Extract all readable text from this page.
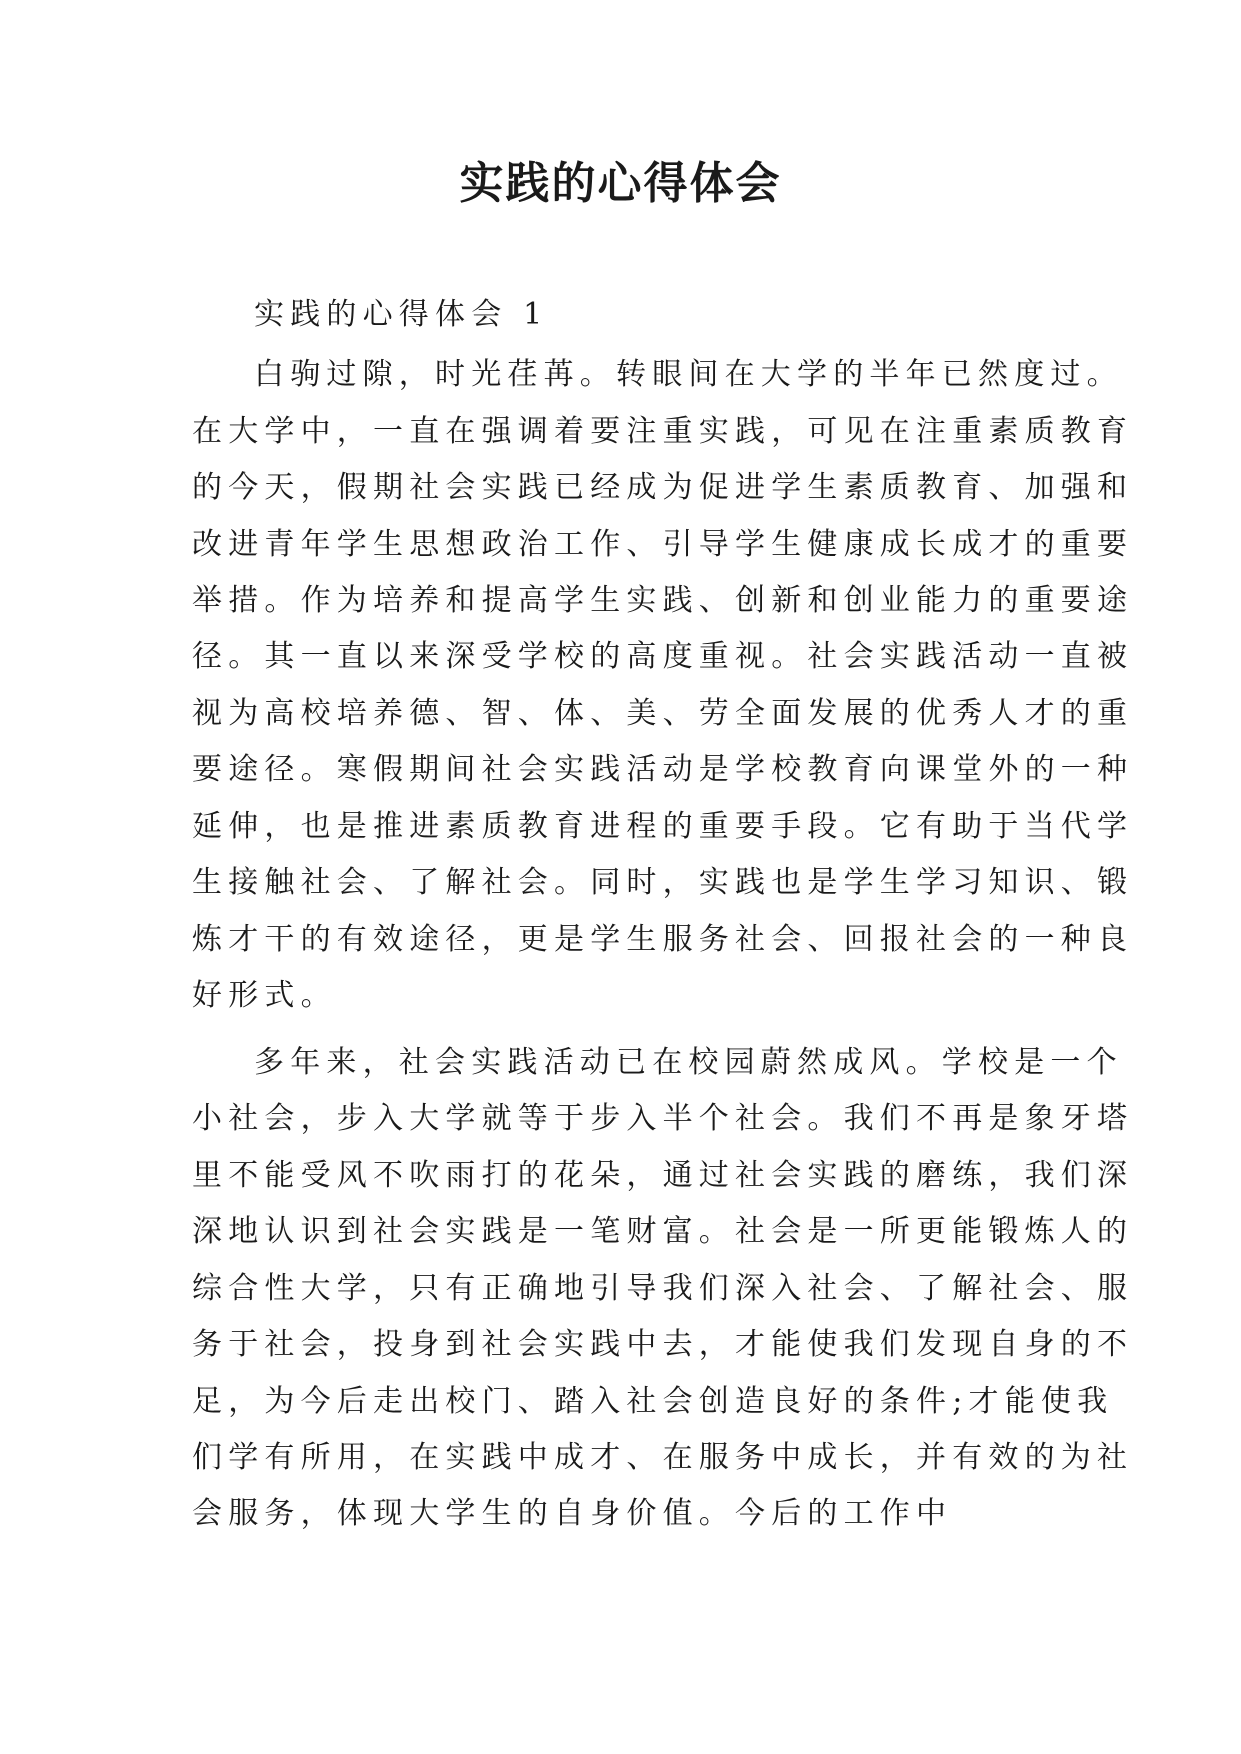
实践的心得体会

实践的心得体会 1

白驹过隙，时光荏苒。转眼间在大学的半年已然度过。

在大学中，一直在强调着要注重实践，可见在注重素质教育

的今天，假期社会实践已经成为促进学生素质教育、加强和

改进青年学生思想政治工作、引导学生健康成长成才的重要

举措。作为培养和提高学生实践、创新和创业能力的重要途

径。其一直以来深受学校的高度重视。社会实践活动一直被

视为高校培养德、智、体、美、劳全面发展的优秀人才的重

要途径。寒假期间社会实践活动是学校教育向课堂外的一种

延伸，也是推进素质教育进程的重要手段。它有助于当代学

生接触社会、了解社会。同时，实践也是学生学习知识、锻

炼才干的有效途径，更是学生服务社会、回报社会的一种良

好形式。

多年来，社会实践活动已在校园蔚然成风。学校是一个

小社会，步入大学就等于步入半个社会。我们不再是象牙塔

里不能受风不吹雨打的花朵，通过社会实践的磨练，我们深

深地认识到社会实践是一笔财富。社会是一所更能锻炼人的

综合性大学，只有正确地引导我们深入社会、了解社会、服

务于社会，投身到社会实践中去，才能使我们发现自身的不

足，为今后走出校门、踏入社会创造良好的条件;才能使我

们学有所用，在实践中成才、在服务中成长，并有效的为社

会服务，体现大学生的自身价值。今后的工作中
